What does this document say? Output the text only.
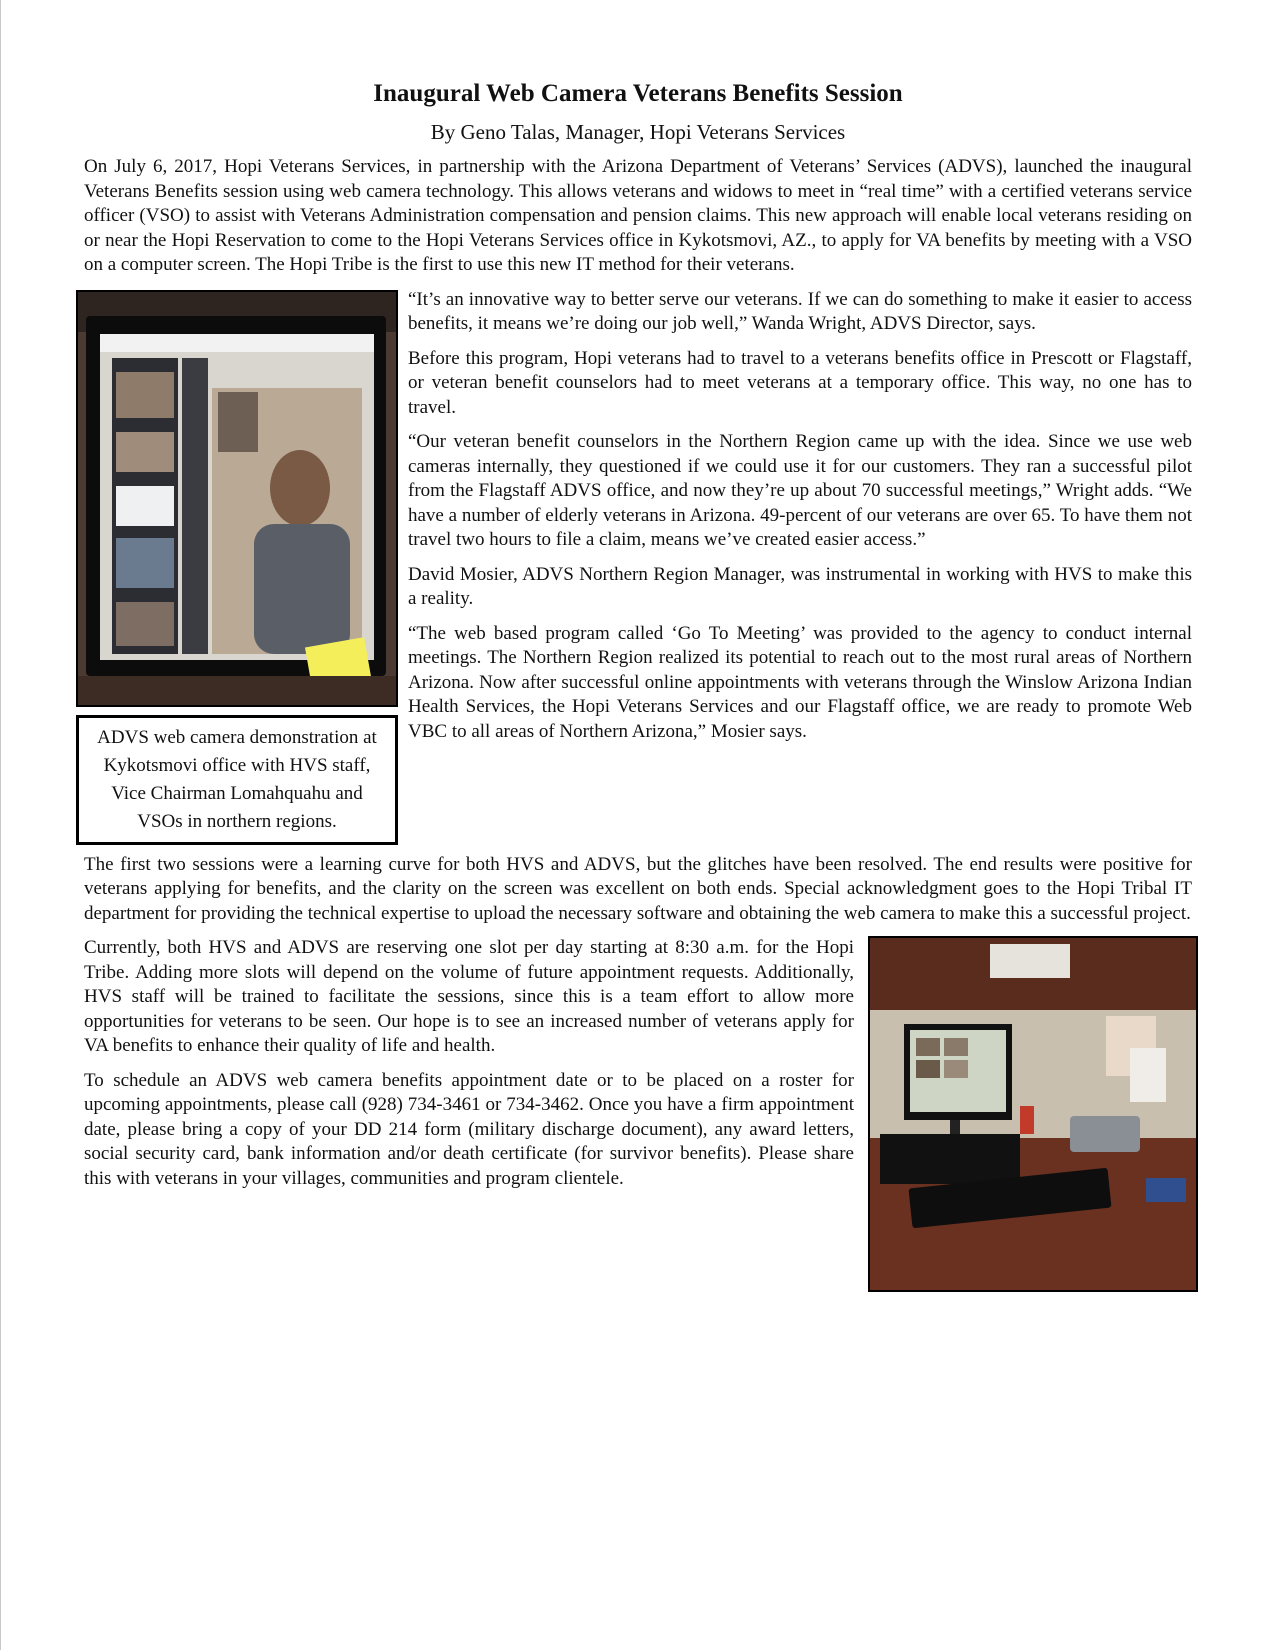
Inaugural Web Camera Veterans Benefits Session
By Geno Talas, Manager, Hopi Veterans Services

On July 6, 2017, Hopi Veterans Services, in partnership with the Arizona Department of Veterans’ Services (ADVS), launched the inaugural Veterans Benefits session using web camera technology. This allows veterans and widows to meet in “real time” with a certified veterans service officer (VSO) to assist with Veterans Administration compensation and pension claims. This new approach will enable local veterans residing on or near the Hopi Reservation to come to the Hopi Veterans Services office in Kykotsmovi, AZ., to apply for VA benefits by meeting with a VSO on a computer screen. The Hopi Tribe is the first to use this new IT method for their veterans.

ADVS web camera demonstration at Kykotsmovi office with HVS staff, Vice Chairman Lomahquahu and VSOs in northern regions.

“It’s an innovative way to better serve our veterans. If we can do something to make it easier to access benefits, it means we’re doing our job well,” Wanda Wright, ADVS Director, says.

Before this program, Hopi veterans had to travel to a veterans benefits office in Prescott or Flagstaff, or veteran benefit counselors had to meet veterans at a temporary office. This way, no one has to travel.

“Our veteran benefit counselors in the Northern Region came up with the idea. Since we use web cameras internally, they questioned if we could use it for our customers. They ran a successful pilot from the Flagstaff ADVS office, and now they’re up about 70 successful meetings,” Wright adds. “We have a number of elderly veterans in Arizona. 49-percent of our veterans are over 65. To have them not travel two hours to file a claim, means we’ve created easier access.”

David Mosier, ADVS Northern Region Manager, was instrumental in working with HVS to make this a reality.

“The web based program called ‘Go To Meeting’ was provided to the agency to conduct internal meetings. The Northern Region realized its potential to reach out to the most rural areas of Northern Arizona. Now after successful online appointments with veterans through the Winslow Arizona Indian Health Services, the Hopi Veterans Services and our Flagstaff office, we are ready to promote Web VBC to all areas of Northern Arizona,” Mosier says.

The first two sessions were a learning curve for both HVS and ADVS, but the glitches have been resolved. The end results were positive for veterans applying for benefits, and the clarity on the screen was excellent on both ends. Special acknowledgment goes to the Hopi Tribal IT department for providing the technical expertise to upload the necessary software and obtaining the web camera to make this a successful project.

Currently, both HVS and ADVS are reserving one slot per day starting at 8:30 a.m. for the Hopi Tribe. Adding more slots will depend on the volume of future appointment requests. Additionally, HVS staff will be trained to facilitate the sessions, since this is a team effort to allow more opportunities for veterans to be seen. Our hope is to see an increased number of veterans apply for VA benefits to enhance their quality of life and health.

To schedule an ADVS web camera benefits appointment date or to be placed on a roster for upcoming appointments, please call (928) 734-3461 or 734-3462. Once you have a firm appointment date, please bring a copy of your DD 214 form (military discharge document), any award letters, social security card, bank information and/or death certificate (for survivor benefits). Please share this with veterans in your villages, communities and program clientele.
